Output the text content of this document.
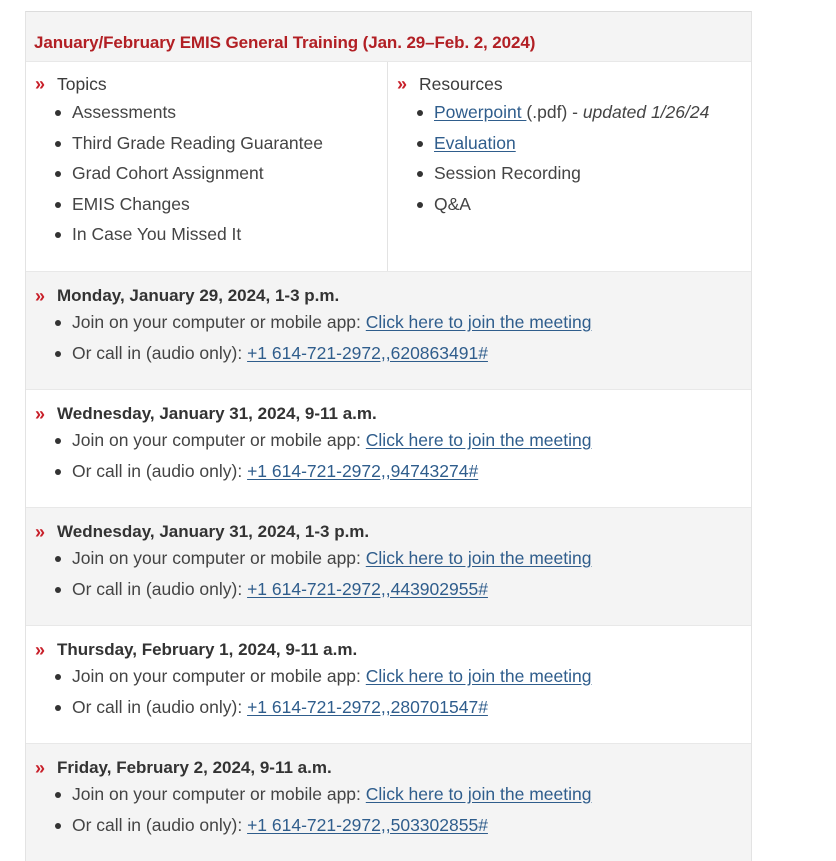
January/February EMIS General Training (Jan. 29–Feb. 2, 2024)
» Topics
Assessments
Third Grade Reading Guarantee
Grad Cohort Assignment
EMIS Changes
In Case You Missed It
» Resources
Powerpoint (.pdf) - updated 1/26/24
Evaluation
Session Recording
Q&A
» Monday, January 29, 2024, 1-3 p.m.
Join on your computer or mobile app: Click here to join the meeting
Or call in (audio only): +1 614-721-2972,,620863491#
» Wednesday, January 31, 2024, 9-11 a.m.
Join on your computer or mobile app: Click here to join the meeting
Or call in (audio only): +1 614-721-2972,,94743274#
» Wednesday, January 31, 2024, 1-3 p.m.
Join on your computer or mobile app: Click here to join the meeting
Or call in (audio only): +1 614-721-2972,,443902955#
» Thursday, February 1, 2024, 9-11 a.m.
Join on your computer or mobile app: Click here to join the meeting
Or call in (audio only): +1 614-721-2972,,280701547#
» Friday, February 2, 2024, 9-11 a.m.
Join on your computer or mobile app: Click here to join the meeting
Or call in (audio only): +1 614-721-2972,,503302855#
